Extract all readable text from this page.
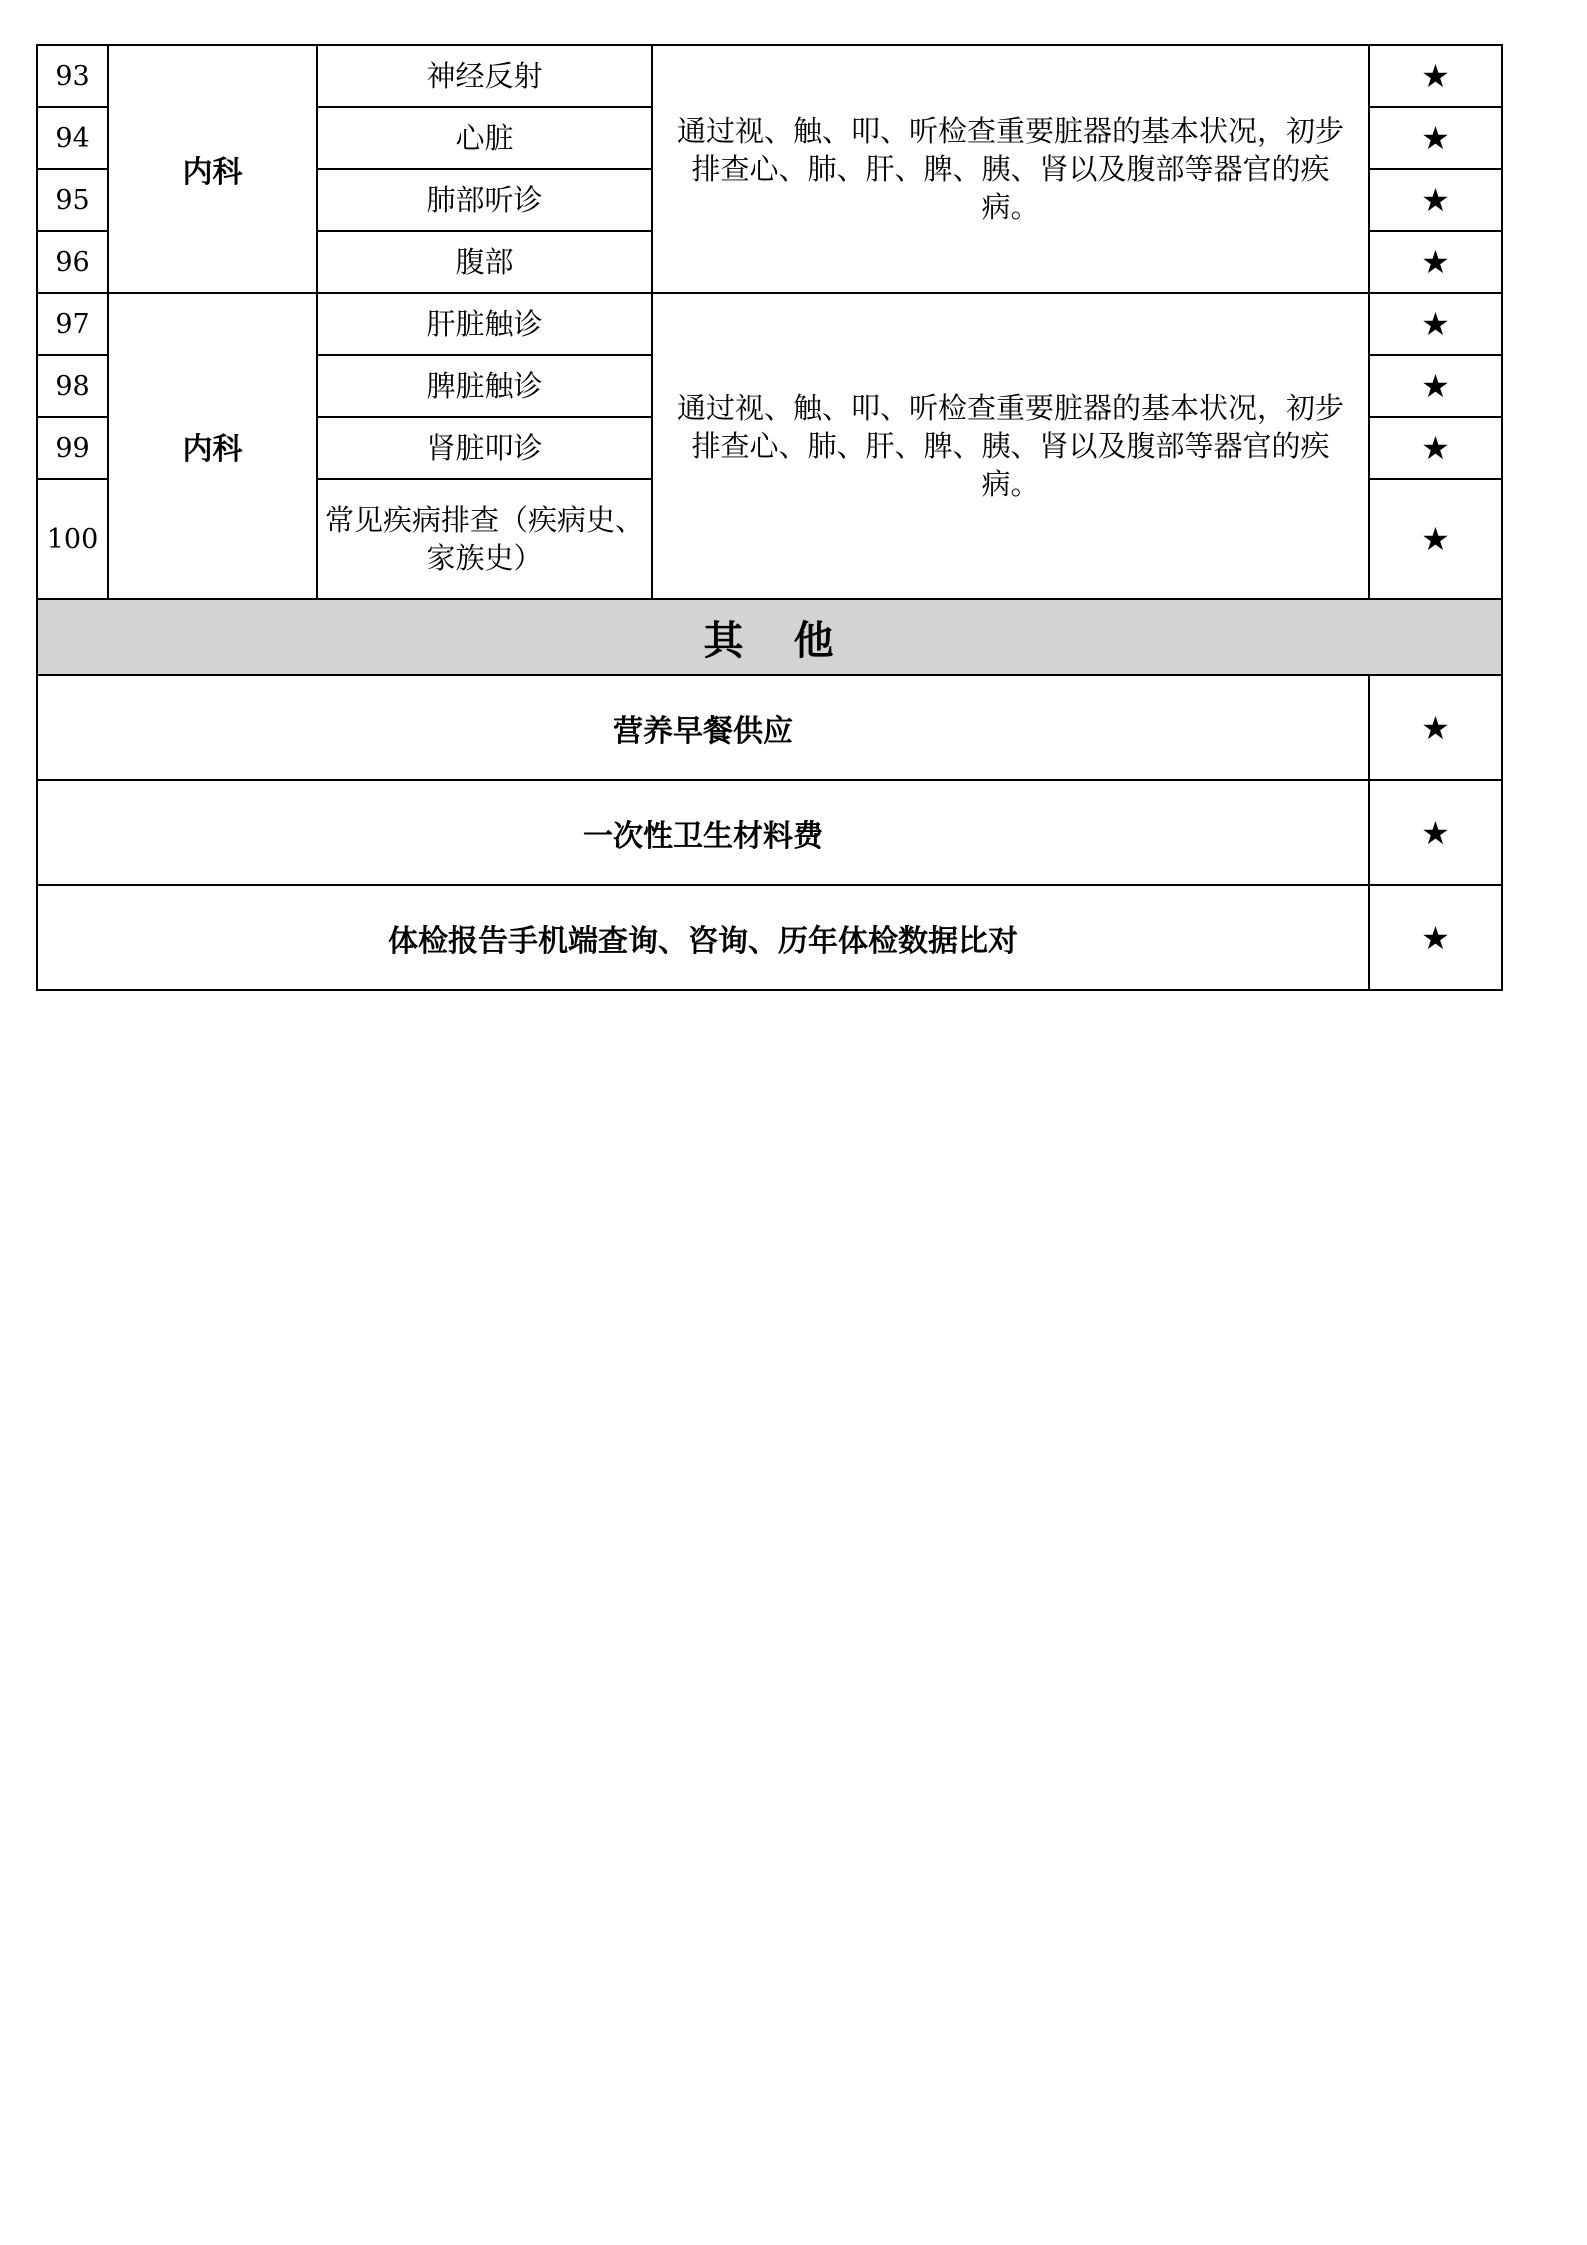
93	内科	神经反射	通过视、触、叩、听检查重要脏器的基本状况，初步排查心、肺、肝、脾、胰、肾以及腹部等器官的疾病。	★
94		心脏		★
95		肺部听诊		★
96		腹部		★
97	内科	肝脏触诊	通过视、触、叩、听检查重要脏器的基本状况，初步排查心、肺、肝、脾、胰、肾以及腹部等器官的疾病。	★
98		脾脏触诊		★
99		肾脏叩诊		★
100		常见疾病排查（疾病史、家族史）		★
其 他				
营养早餐供应				★
一次性卫生材料费				★
体检报告手机端查询、咨询、历年体检数据比对				★
